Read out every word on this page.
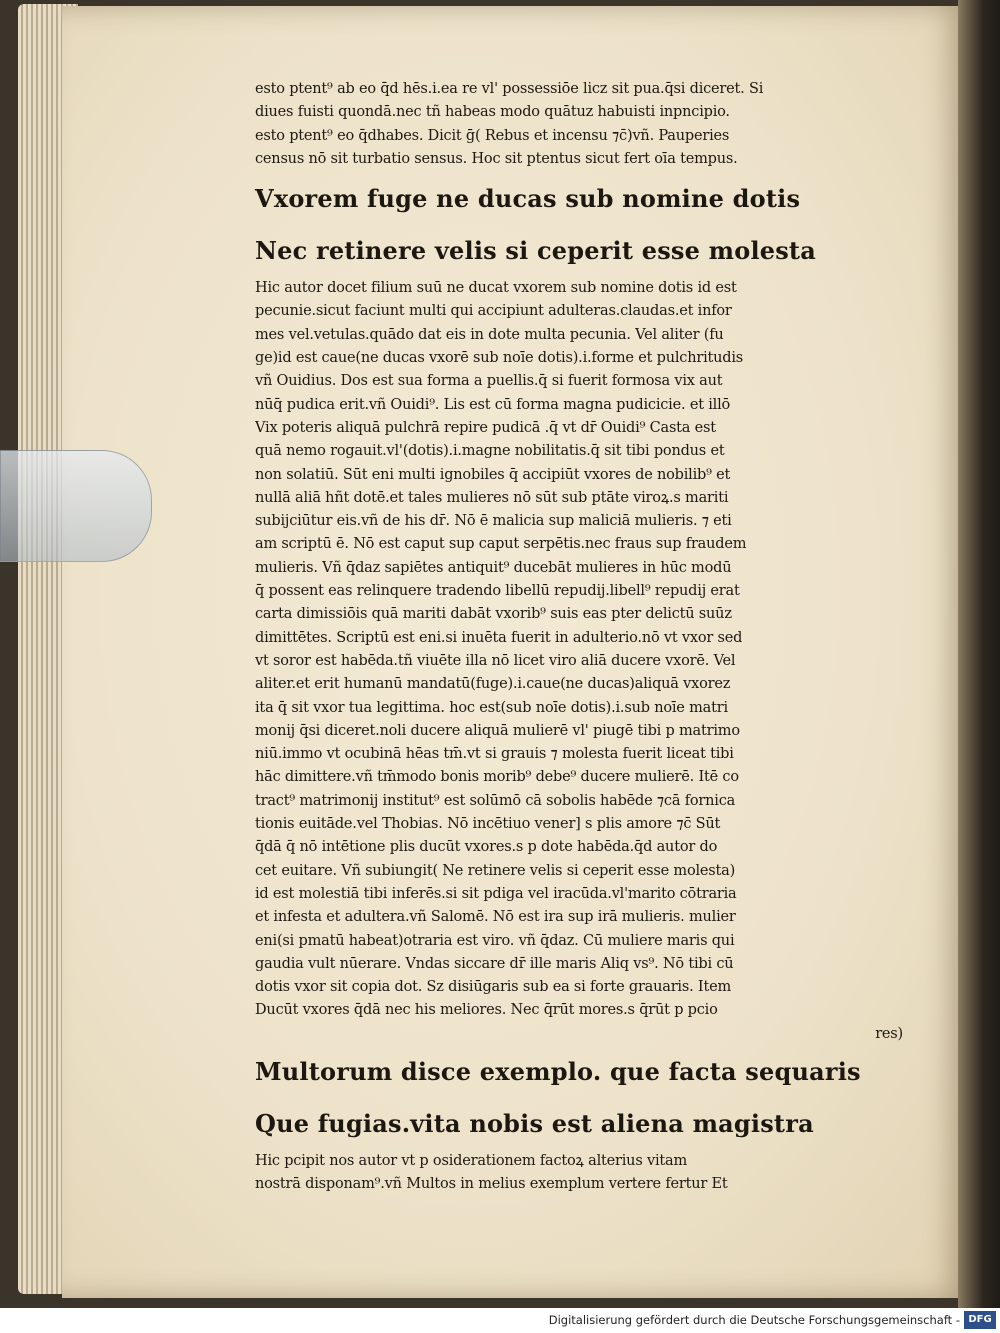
esto ptent⁹ ab eo q̄d hēs.i.ea re vl' possessiōe licz sit pua.q̄si diceret. Si
diues fuisti quondā.nec tñ habeas modo quātuz habuisti inpncipio.
esto ptent⁹ eo q̄dhabes. Dicit ḡ( Rebus et incensu ⁊c̄)vñ. Pauperies
census nō sit turbatio sensus. Hoc sit ptentus sicut fert oīa tempus.
Vxorem fuge ne ducas sub nomine dotis
Nec retinere velis si ceperit esse molesta
Hic autor docet filium suū ne ducat vxorem sub nomine dotis id est
pecunie.sicut faciunt multi qui accipiunt adulteras.claudas.et infor
mes vel.vetulas.quādo dat eis in dote multa pecunia. Vel aliter (fu
ge)id est caue(ne ducas vxorē sub noīe dotis).i.forme et pulchritudis
vñ Ouidius. Dos est sua forma a puellis.q̄ si fuerit formosa vix aut
nūq̄ pudica erit.vñ Ouidi⁹. Lis est cū forma magna pudicicie. et illō
Vix poteris aliquā pulchrā repire pudicā .q̄ vt dr̄ Ouidi⁹ Casta est
quā nemo rogauit.vl'(dotis).i.magne nobilitatis.q̄ sit tibi pondus et
non solatiū. Sūt eni multi ignobiles q̄ accipiūt vxores de nobilib⁹ et
nullā aliā hñt dotē.et tales mulieres nō sūt sub ptāte viroꝝ.s mariti
subijciūtur eis.vñ de his dr̄. Nō ē malicia sup maliciā mulieris. ⁊ eti
am scriptū ē. Nō est caput sup caput serpētis.nec fraus sup fraudem
mulieris. Vñ q̄daz sapiētes antiquit⁹ ducebāt mulieres in hūc modū
q̄ possent eas relinquere tradendo libellū repudij.libell⁹ repudij erat
carta dimissiōis quā mariti dabāt vxorib⁹ suis eas pter delictū suūz
dimittētes. Scriptū est eni.si inuēta fuerit in adulterio.nō vt vxor sed
vt soror est habēda.tñ viuēte illa nō licet viro aliā ducere vxorē. Vel
aliter.et erit humanū mandatū(fuge).i.caue(ne ducas)aliquā vxorez
ita q̄ sit vxor tua legittima. hoc est(sub noīe dotis).i.sub noīe matri
monij q̄si diceret.noli ducere aliquā mulierē vl' piugē tibi p matrimo
niū.immo vt ocubinā hēas tm̄.vt si grauis ⁊ molesta fuerit liceat tibi
hāc dimittere.vñ tm̄modo bonis morib⁹ debe⁹ ducere mulierē. Itē co
tract⁹ matrimonij institut⁹ est solūmō cā sobolis habēde ⁊cā fornica
tionis euitāde.vel Thobias. Nō incētiuo vener] s plis amore ⁊c̄ Sūt
q̄dā q̄ nō intētione plis ducūt vxores.s p dote habēda.q̄d autor do
cet euitare. Vñ subiungit( Ne retinere velis si ceperit esse molesta)
id est molestiā tibi inferēs.si sit pdiga vel iracūda.vl'marito cōtraria
et infesta et adultera.vñ Salomē. Nō est ira sup irā mulieris. mulier
eni(si pmatū habeat)otraria est viro. vñ q̄daz. Cū muliere maris qui
gaudia vult nūerare. Vndas siccare dr̄ ille maris Aliq vs⁹. Nō tibi cū
dotis vxor sit copia dot. Sz disiūgaris sub ea si forte grauaris. Item
Ducūt vxores q̄dā nec his meliores. Nec q̄rūt mores.s q̄rūt p pcio
res)
Multorum disce exemplo. que facta sequaris
Que fugias.vita nobis est aliena magistra
Hic pcipit nos autor vt p osiderationem factoꝝ alterius vitam
nostrā disponam⁹.vñ Multos in melius exemplum vertere fertur Et
Digitalisierung gefördert durch die Deutsche Forschungsgemeinschaft - DFG
